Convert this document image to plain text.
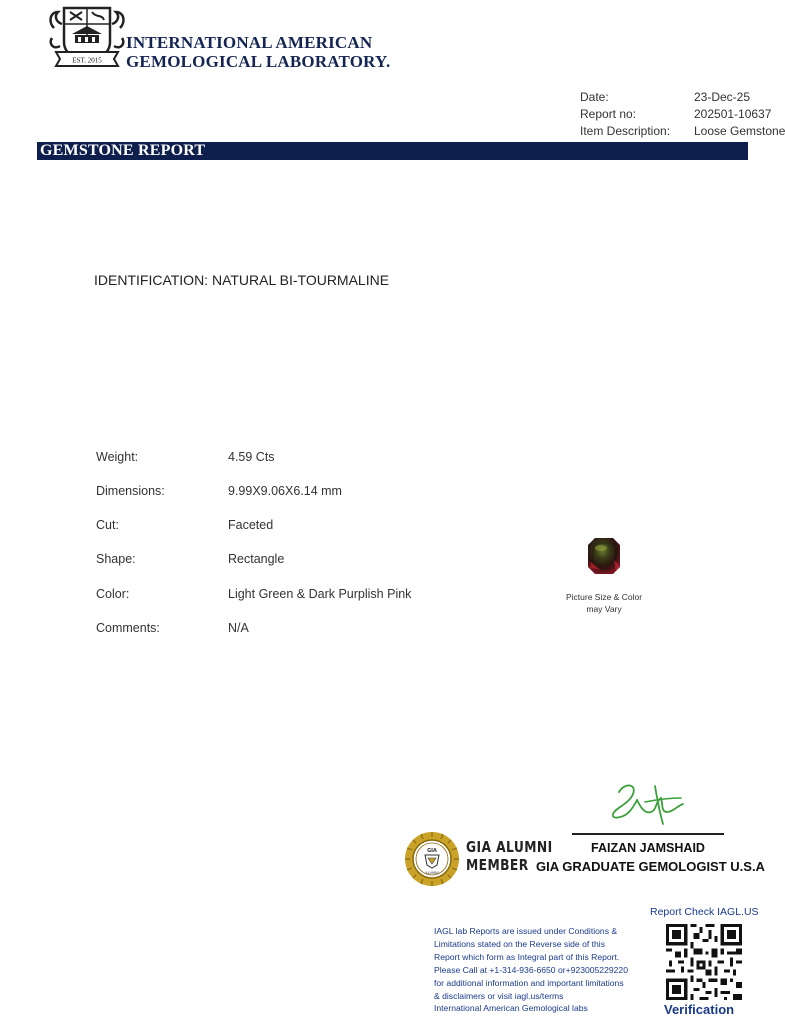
EST. 2015
INTERNATIONAL AMERICAN
GEMOLOGICAL LABORATORY.
Date:	23-Dec-25
Report no:	202501-10637
Item Description: Loose Gemstone
GEMSTONE REPORT
IDENTIFICATION: NATURAL BI-TOURMALINE
Weight:	4.59 Cts
Dimensions:	9.99X9.06X6.14 mm
Cut:	Faceted
Shape:	Rectangle
Color:	Light Green & Dark Purplish Pink
Comments:	N/A
Picture Size & Color
may Vary
FAIZAN JAMSHAID
GIA GRADUATE GEMOLOGIST U.S.A
GIA
ALUMNI
GIA ALUMNI
MEMBER
Report Check IAGL.US
Verification
IAGL lab Reports are issued under Conditions &
Limitations stated on the Reverse side of this
Report which form as Integral part of this Report.
Please Call at +1-314-936-6650 or+923005229220
for additional information and important limitations
& disclaimers or visit iagl.us/terms
International American Gemological labs
